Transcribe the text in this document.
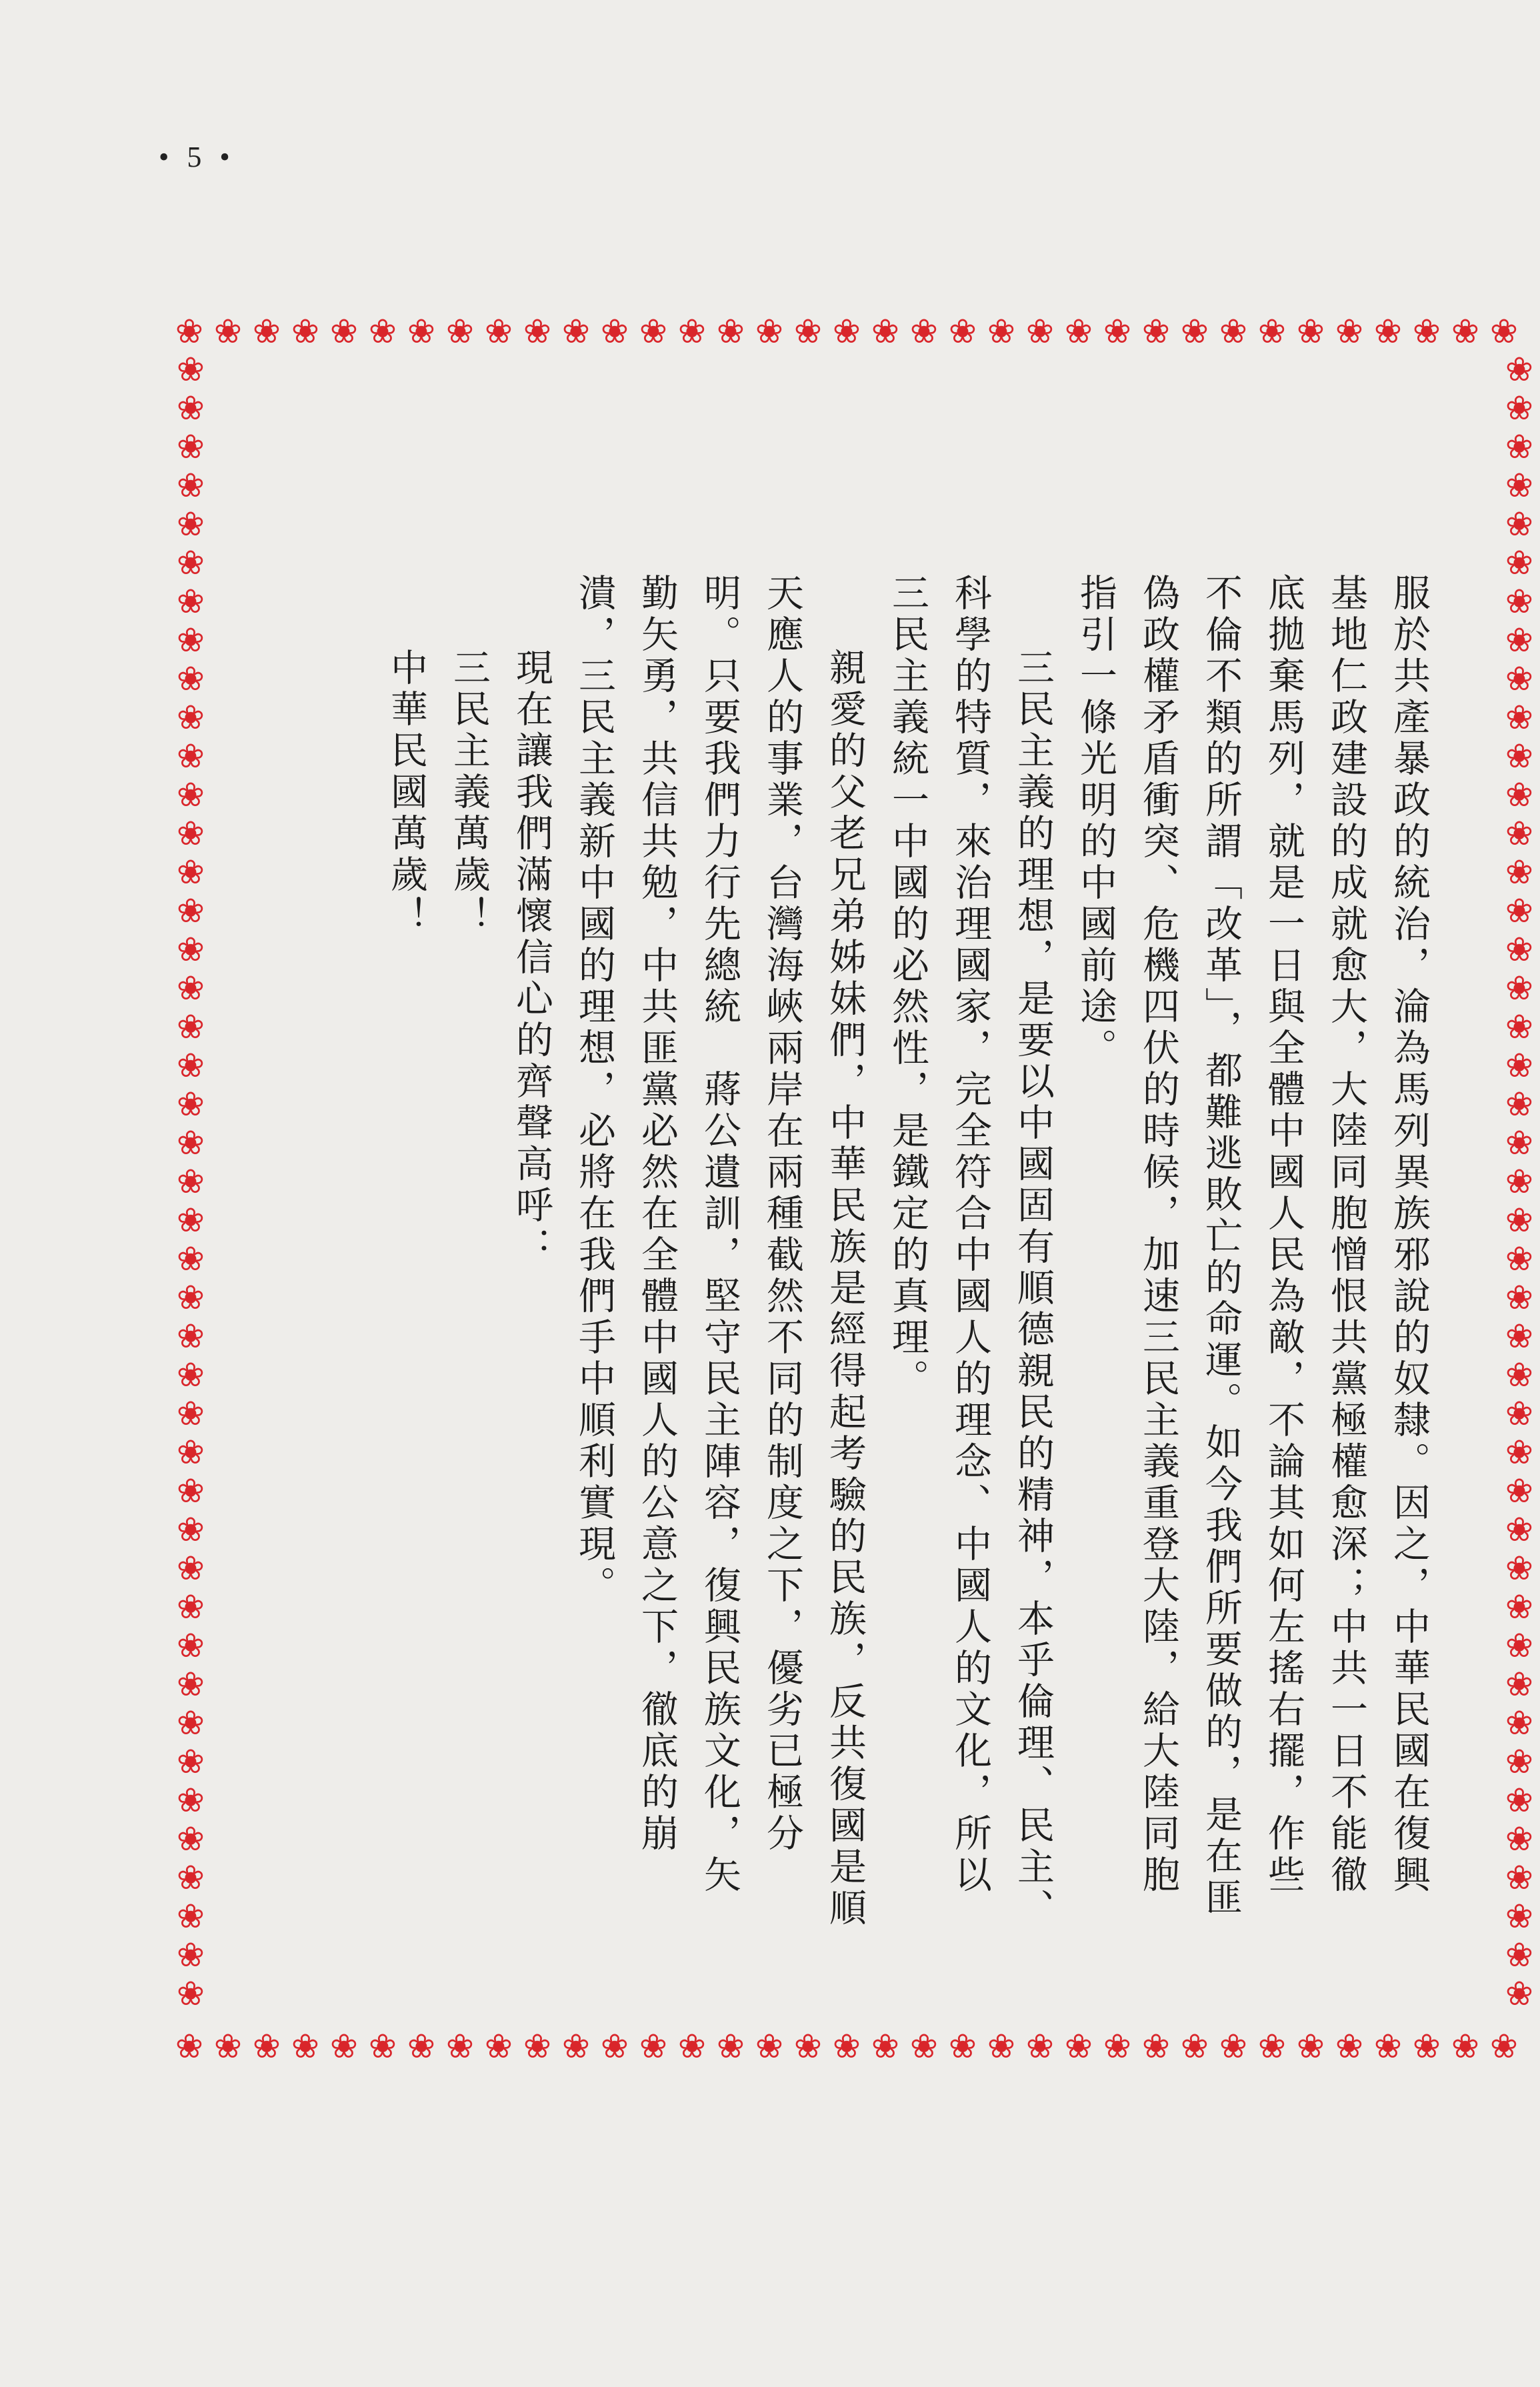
• 5 •
❀ ❀ ❀ ❀ ❀ ❀ ❀ ❀ ❀ ❀ ❀ ❀ ❀ ❀ ❀ ❀ ❀ ❀ ❀ ❀ ❀ ❀ ❀ ❀ ❀ ❀ ❀ ❀ ❀ ❀ ❀ ❀ ❀ ❀ ❀
❀ ❀ ❀ ❀ ❀ ❀ ❀ ❀ ❀ ❀ ❀ ❀ ❀ ❀ ❀ ❀ ❀ ❀ ❀ ❀ ❀ ❀ ❀ ❀ ❀ ❀ ❀ ❀ ❀ ❀ ❀ ❀ ❀ ❀ ❀
❀
❀
❀
❀
❀
❀
❀
❀
❀
❀
❀
❀
❀
❀
❀
❀
❀
❀
❀
❀
❀
❀
❀
❀
❀
❀
❀
❀
❀
❀
❀
❀
❀
❀
❀
❀
❀
❀
❀
❀
❀
❀
❀
❀
❀
❀
❀
❀
❀
❀
❀
❀
❀
❀
❀
❀
❀
❀
❀
❀
❀
❀
❀
❀
❀
❀
❀
❀
❀
❀
❀
❀
❀
❀
❀
❀
❀
❀
❀
❀
❀
❀
❀
❀
❀
❀

服於共產暴政的統治，淪為馬列異族邪說的奴隸。因之，中華民國在復興基地仁政建設的成就愈大，大陸同胞憎恨共黨極權愈深；中共一日不能徹底拋棄馬列，就是一日與全體中國人民為敵，不論其如何左搖右擺，作些不倫不類的所謂「改革」，都難逃敗亡的命運。如今我們所要做的，是在匪偽政權矛盾衝突、危機四伏的時候，加速三民主義重登大陸，給大陸同胞指引一條光明的中國前途。

三民主義的理想，是要以中國固有順德親民的精神，本乎倫理、民主、科學的特質，來治理國家，完全符合中國人的理念、中國人的文化，所以三民主義統一中國的必然性，是鐵定的真理。

親愛的父老兄弟姊妹們，中華民族是經得起考驗的民族，反共復國是順天應人的事業，台灣海峽兩岸在兩種截然不同的制度之下，優劣已極分明。只要我們力行先總統　蔣公遺訓，堅守民主陣容，復興民族文化，矢勤矢勇，共信共勉，中共匪黨必然在全體中國人的公意之下，徹底的崩潰，三民主義新中國的理想，必將在我們手中順利實現。

現在讓我們滿懷信心的齊聲高呼：

三民主義萬歲！

中華民國萬歲！
